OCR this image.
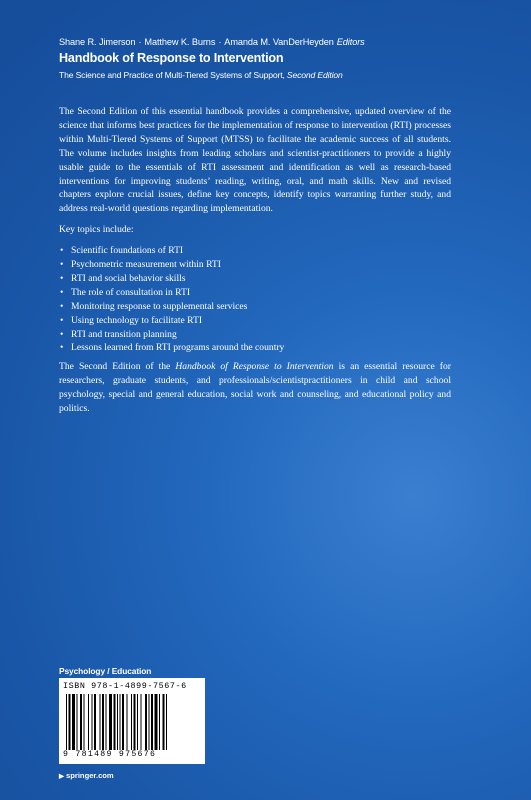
Shane R. Jimerson · Matthew K. Burns · Amanda M. VanDerHeyden Editors
Handbook of Response to Intervention
The Science and Practice of Multi-Tiered Systems of Support, Second Edition

The Second Edition of this essential handbook provides a comprehensive, updated overview of the science that informs best practices for the implementation of response to intervention (RTI) processes within Multi-Tiered Systems of Support (MTSS) to facilitate the academic success of all students. The volume includes insights from leading scholars and scientist-practitioners to provide a highly usable guide to the essentials of RTI assessment and identification as well as research-based interventions for improving students’ reading, writing, oral, and math skills. New and revised chapters explore crucial issues, define key concepts, identify topics warranting further study, and address real-world questions regarding implementation.

Key topics include:

• Scientific foundations of RTI
• Psychometric measurement within RTI
• RTI and social behavior skills
• The role of consultation in RTI
• Monitoring response to supplemental services
• Using technology to facilitate RTI
• RTI and transition planning
• Lessons learned from RTI programs around the country

The Second Edition of the Handbook of Response to Intervention is an essential resource for researchers, graduate students, and professionals/scientistpractitioners in child and school psychology, special and general education, social work and counseling, and educational policy and politics.

Psychology / Education
ISBN 978-1-4899-7567-6
9 781489 975676
▶ springer.com
